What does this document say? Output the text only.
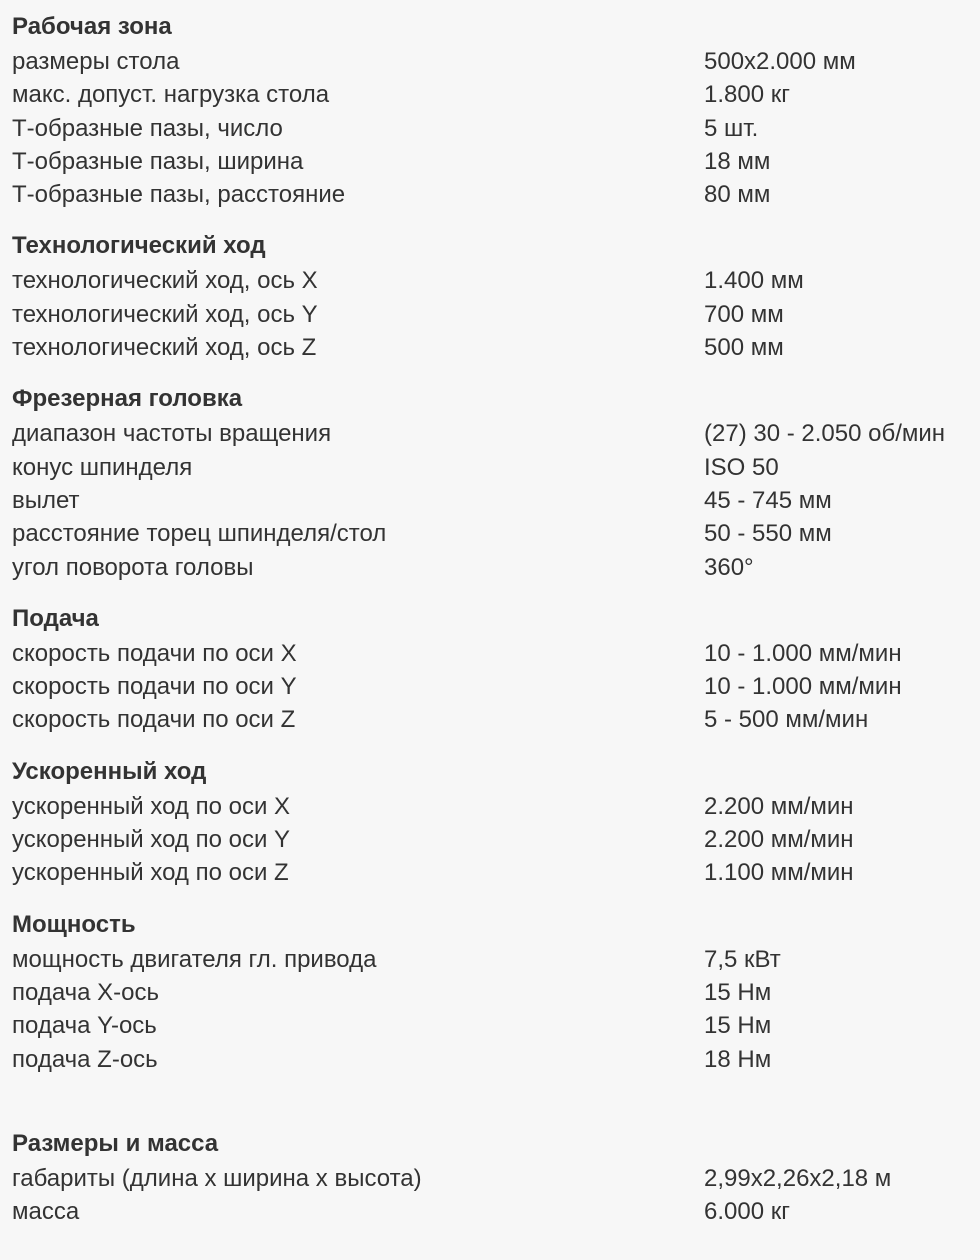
Рабочая зона
размеры стола	500x2.000 мм
макс. допуст. нагрузка стола	1.800 кг
Т-образные пазы, число	5 шт.
Т-образные пазы, ширина	18 мм
Т-образные пазы, расстояние	80 мм
Технологический ход
технологический ход, ось X	1.400 мм
технологический ход, ось Y	700 мм
технологический ход, ось Z	500 мм
Фрезерная головка
диапазон частоты вращения	(27) 30 - 2.050 об/мин
конус шпинделя	ISO 50
вылет	45 - 745 мм
расстояние торец шпинделя/стол	50 - 550 мм
угол поворота головы	360°
Подача
скорость подачи по оси X	10 - 1.000 мм/мин
скорость подачи по оси Y	10 - 1.000 мм/мин
скорость подачи по оси Z	5 - 500 мм/мин
Ускоренный ход
ускоренный ход по оси X	2.200 мм/мин
ускоренный ход по оси Y	2.200 мм/мин
ускоренный ход по оси Z	1.100 мм/мин
Мощность
мощность двигателя гл. привода	7,5 кВт
подача X-ось	15 Нм
подача Y-ось	15 Нм
подача Z-ось	18 Нм
Размеры и масса
габариты (длина x ширина x высота)	2,99x2,26x2,18 м
масса	6.000 кг
